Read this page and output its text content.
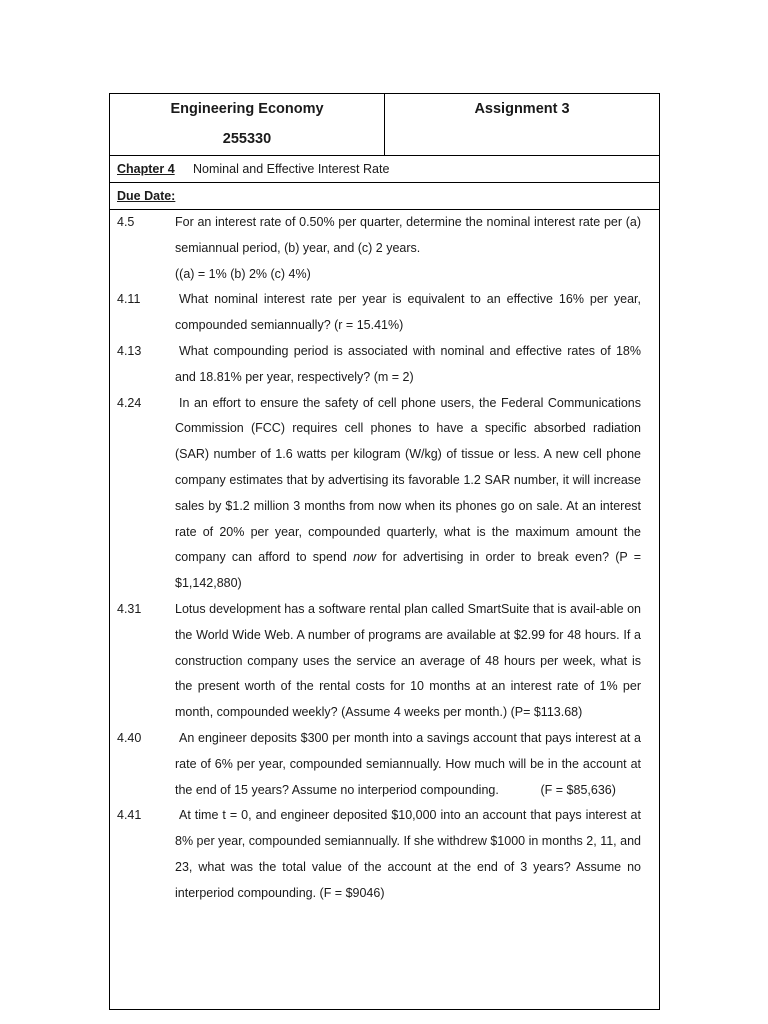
Engineering Economy
255330
Assignment 3
Chapter 4 Nominal and Effective Interest Rate
Due Date:
4.5	For an interest rate of 0.50% per quarter, determine the nominal interest rate per (a) semiannual period, (b) year, and (c) 2 years.
((a) = 1% (b) 2% (c) 4%)
4.11	What nominal interest rate per year is equivalent to an effective 16% per year, compounded semiannually? (r = 15.41%)
4.13	What compounding period is associated with nominal and effective rates of 18% and 18.81% per year, respectively? (m = 2)
4.24	In an effort to ensure the safety of cell phone users, the Federal Communications Commission (FCC) requires cell phones to have a specific absorbed radiation (SAR) number of 1.6 watts per kilogram (W/kg) of tissue or less. A new cell phone company estimates that by advertising its favorable 1.2 SAR number, it will increase sales by $1.2 million 3 months from now when its phones go on sale. At an interest rate of 20% per year, compounded quarterly, what is the maximum amount the company can afford to spend now for advertising in order to break even? (P = $1,142,880)
4.31	Lotus development has a software rental plan called SmartSuite that is avail-able on the World Wide Web. A number of programs are available at $2.99 for 48 hours. If a construction company uses the service an average of 48 hours per week, what is the present worth of the rental costs for 10 months at an interest rate of 1% per month, compounded weekly? (Assume 4 weeks per month.) (P= $113.68)
4.40	An engineer deposits $300 per month into a savings account that pays interest at a rate of 6% per year, compounded semiannually. How much will be in the account at the end of 15 years? Assume no interperiod compounding.	(F = $85,636)
4.41	At time t = 0, and engineer deposited $10,000 into an account that pays interest at 8% per year, compounded semiannually. If she withdrew $1000 in months 2, 11, and 23, what was the total value of the account at the end of 3 years? Assume no interperiod compounding. (F = $9046)
